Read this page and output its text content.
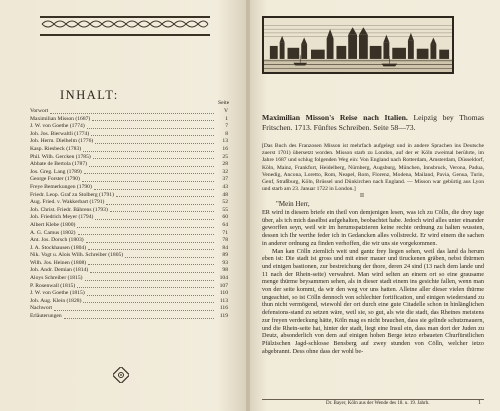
INHALT:
Seite
Vorwort	V
Maximilian Misson (1687)	1
J. W. von Goethe (1774)	7
Joh. Jos. Bierwaltli (1774)	8
Joh. Herm. Dielhelm (1776)	13
Kasp. Riesbeck (1783)	16
Phil. Wilh. Gercken (1785)	25
Abbate de Bertola (1787)	28
Jos. Greg. Lang (1789)	32
George Forster (1790)	37
Freye Bemerkungen (1790)	43
Friedr. Leop. Graf zu Stolberg (1791)	48
Aug. Fried. v. Wakkerbart (1791)	52
Joh. Christ. Friedr. Bährens (1793)	55
Joh. Friedrich Meyer (1794)	60
Albert Klebe (1800)	64
A. G. Camus (1802)	71
Ant. Jos. Dorsch (1803)	78
J. A. Stockhausen (1804)	84
Nik. Vogt u. Alois Wilh. Schreiber (1805)	89
Wilh. Jos. Heinen (1808)	93
Joh. Andr. Demian (1814)	98
Aloys Schreiber (1815)	104
P. Rosenwall (1815)	107
J. W. von Goethe (1815)	110
Joh. Aug. Klein (1828)	113
Nachwort	116
Erläuterungen	119
Maximilian Misson's Reise nach Italien. Leipzig bey Thomas Fritschen. 1713. Fünftes Schreiben. Seite 58—73.
[Das Buch des Franzosen Misson ist mehrfach aufgelegt und in andere Sprachen ins Deutsche zuerst 1701) übersetzt worden. Misson starb zu London, auf der er Köln zweimal berührte, im Jahre 1687 und schlug folgenden Weg ein: Von England nach Rotterdam, Amsterdam, Düsseldorf, Köln, Mainz, Frankfurt, Heidelberg, Nürnberg, Augsburg, München, Innsbruck, Verona, Padua, Venedig, Ancona, Loretto, Rom, Neapel, Rom, Florenz, Modena, Mailand, Pavia, Genua, Turin, Genf, Straßburg, Köln, Brüssel und Dünkirchen nach England. — Misson war gebürtig aus Lyon und starb am 23. Januar 1722 in London.]
II
"Mein Herr,

ER wird in diesem briefe ein theil von demjenigen lesen, was ich zu Cölln, die drey tage über, als ich mich daselbst aufgehalten, beobachtet habe. Jedoch wird alles unter einander geworffen seyn, weil wir im herumspatzieren keine rechte ordnung zu halten wussten, dessen ich Ihr werthe feder ich in Gedancken alles vollstreckt. Er wird einem die sachen in anderer ordnung zu finden verhoffen, die wir uns sie vorgekommen.

Man kan Cölln ziemlich weit und gantz frey liegen sehen, weil das land da herum eben ist: Die stadt ist gross und mit einer mauer und tiruckenen gräben, nebst thürmen und einigen bastionen, zur bestreichung der thore, deren 24 sind (13 nach dem lande und 11 nach der Rhein-seite) verwahret. Man wird selten an einem ort so eine grausame menge thürme beysammen sehen, als in dieser stadt einem ins gesichte fallen, wenn man von der seite kommt, da wir den weg vor uns hatten. Alleine aller dieser vielen thürme ungeachtet, so ist Cölln dennoch von schlechter fortification, und einigen wiederstand zu thun nicht vermögend, wiewohl der ort durch eine gute Citadelle schon in hinlänglichen defensions-stand zu setzen wäre, weil sie, so gut, als wie die stadt, das Rheines meistens zur freyen verdeckung hätte, Köln mag es nicht brauchen, dass sie gelinde schutzmauern, und die Rhein-seite hat, hinter der stadt, liegt eine Insul ein, dass man dort der Juden zu Deutz, absonderlich von dem auf einigen hohen Berge ietzo erbaueten Churfürstlichen Pfälzischen Jagd-schlosse Bensberg auf zwey stunden von Cölln, welcher ietzo abgebrannt. Dess ohne dass der wohl be-

Dr. Bayer, Köln aus der Wende des 18. u. 19. Jahrh.	1
